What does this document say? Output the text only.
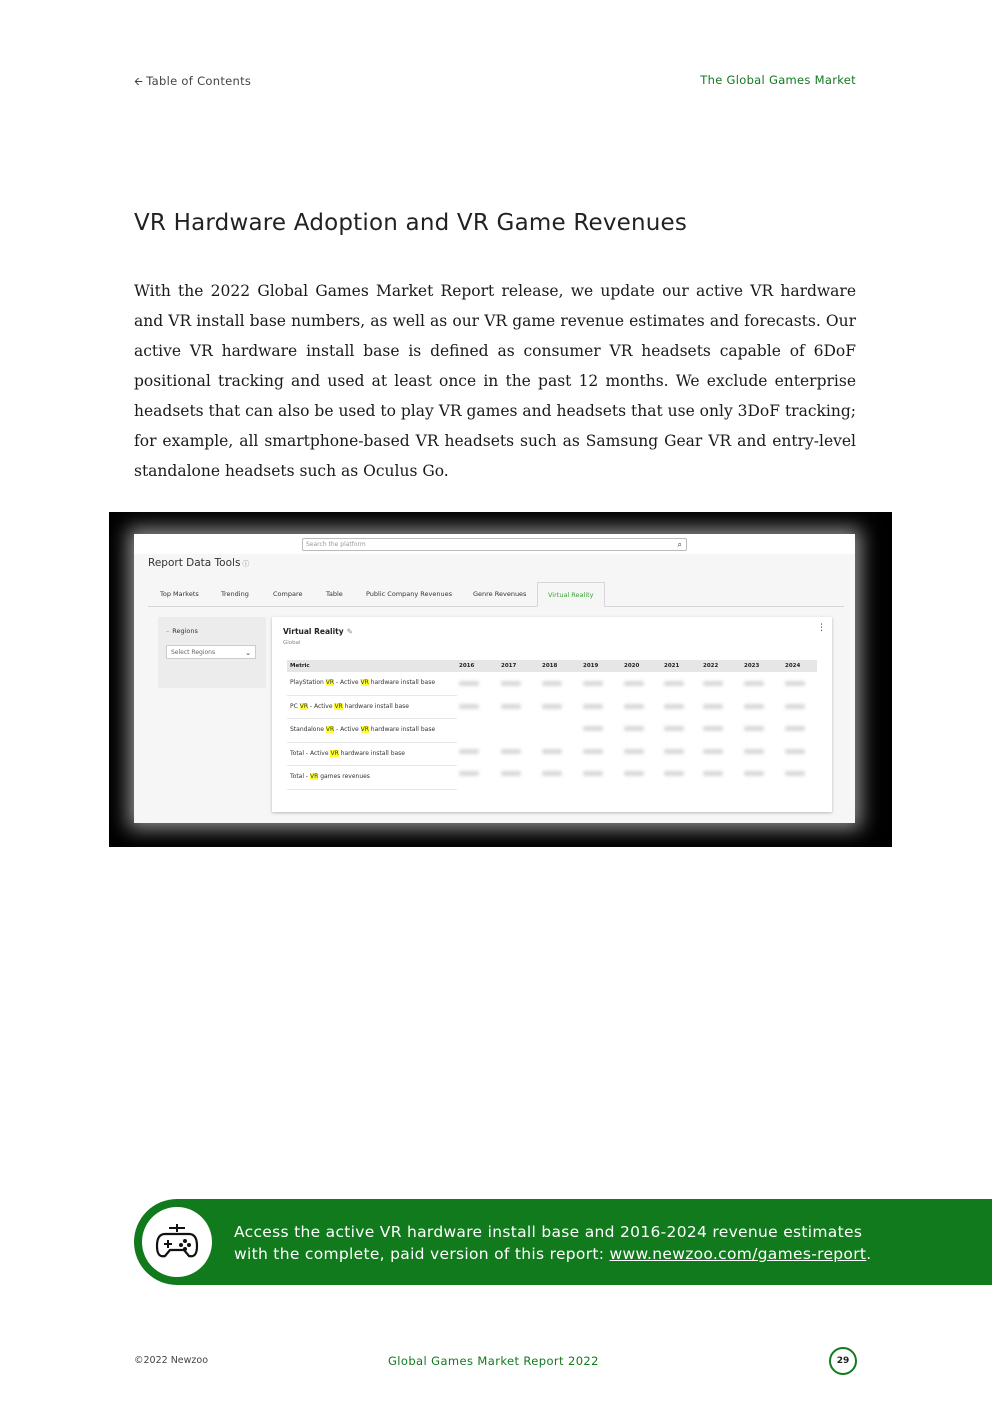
🡨 Table of Contents	The Global Games Market
VR Hardware Adoption and VR Game Revenues

With the 2022 Global Games Market Report release, we update our active VR hardware and VR install base numbers, as well as our VR game revenue estimates and forecasts. Our active VR hardware install base is defined as consumer VR headsets capable of 6DoF positional tracking and used at least once in the past 12 months. We exclude enterprise headsets that can also be used to play VR games and headsets that use only 3DoF tracking; for example, all smartphone-based VR headsets such as Samsung Gear VR and entry-level standalone headsets such as Oculus Go.

Search the platform	⌕
Report Data Tools ⓘ
Top Markets	Trending	Compare	Table	Public Company Revenues	Genre Revenues	Virtual Reality
– Regions
Select Regions	⌄
Virtual Reality ✎
Global
⋮
Metric	2016	2017	2018	2019	2020	2021	2022	2023	2024
PlayStation VR - Active VR hardware install base
PC VR - Active VR hardware install base
Standalone VR - Active VR hardware install base
Total - Active VR hardware install base
Total - VR games revenues
Access the active VR hardware install base and 2016-2024 revenue estimates
with the complete, paid version of this report: www.newzoo.com/games-report.
©2022 Newzoo	Global Games Market Report 2022	29
